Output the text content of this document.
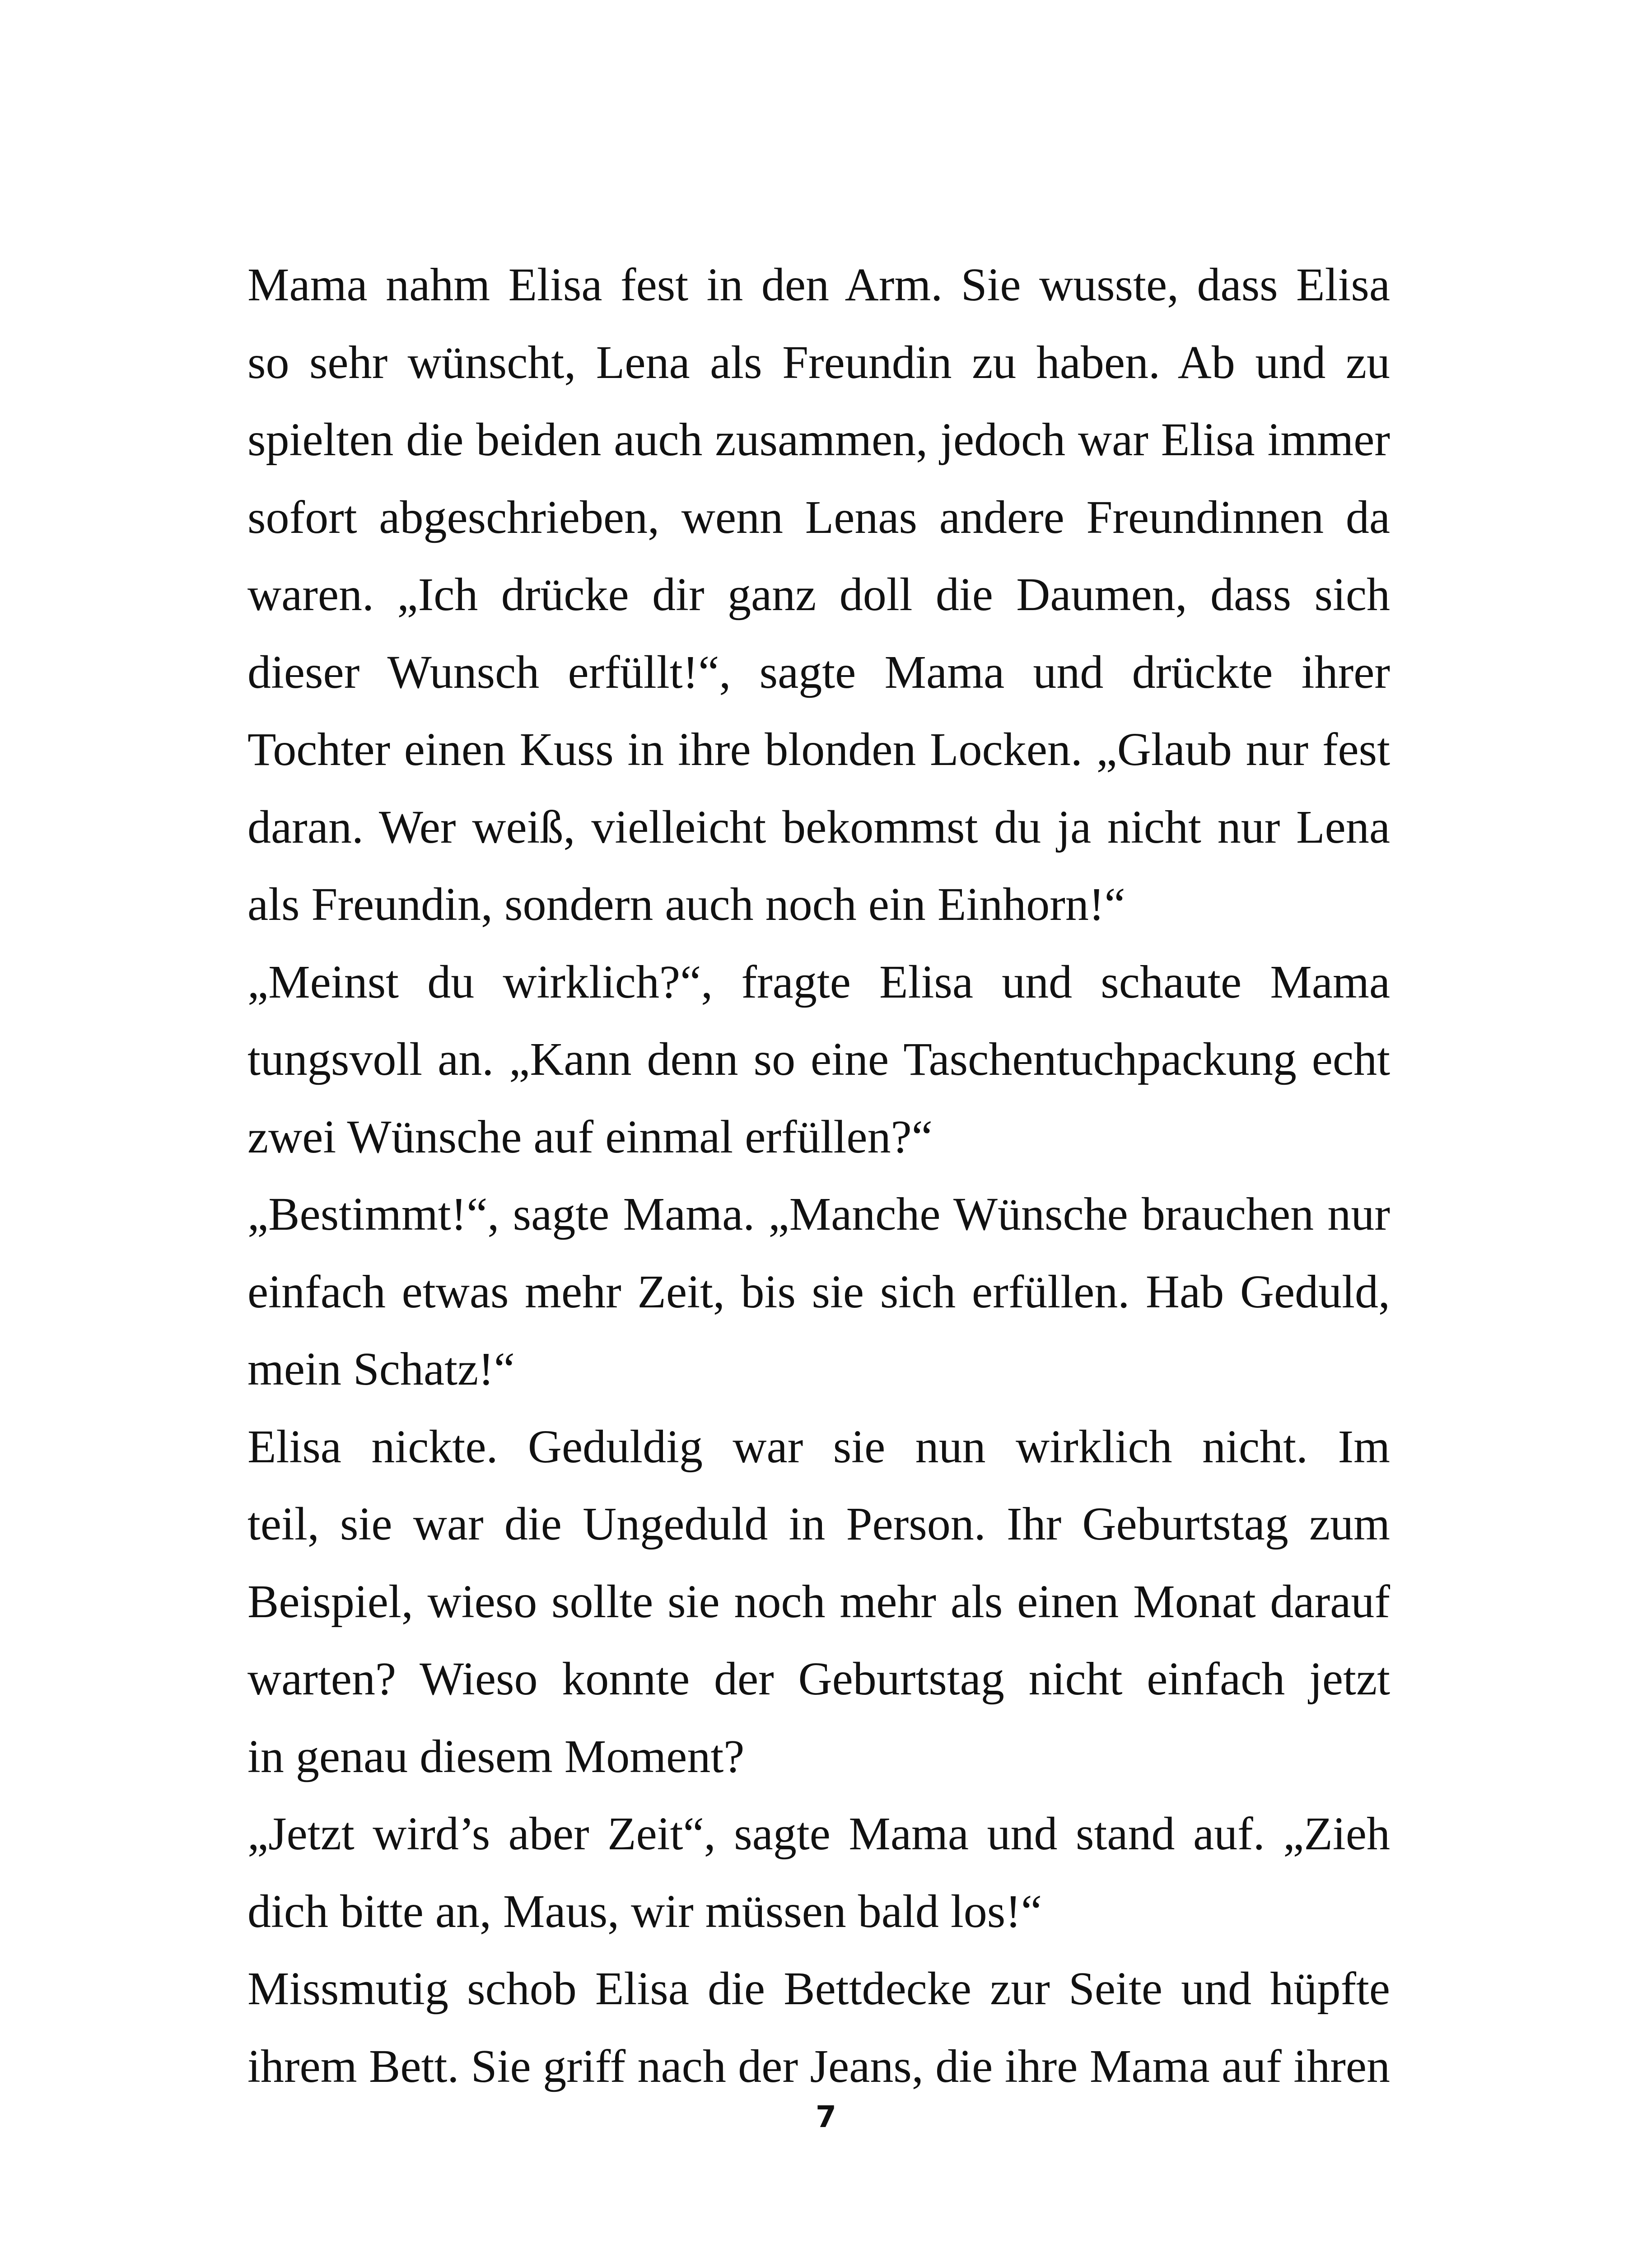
Mama nahm Elisa fest in den Arm. Sie wusste, dass Elisa
so sehr wünscht, Lena als Freundin zu haben. Ab und zu
spielten die beiden auch zusammen, jedoch war Elisa immer
sofort abgeschrieben, wenn Lenas andere Freundinnen da
waren. „Ich drücke dir ganz doll die Daumen, dass sich
dieser Wunsch erfüllt!“, sagte Mama und drückte ihrer
Tochter einen Kuss in ihre blonden Locken. „Glaub nur fest
daran. Wer weiß, vielleicht bekommst du ja nicht nur Lena
als Freundin, sondern auch noch ein Einhorn!“
„Meinst du wirklich?“, fragte Elisa und schaute Mama
tungsvoll an. „Kann denn so eine Taschentuchpackung echt
zwei Wünsche auf einmal erfüllen?“
„Bestimmt!“, sagte Mama. „Manche Wünsche brauchen nur
einfach etwas mehr Zeit, bis sie sich erfüllen. Hab Geduld,
mein Schatz!“
Elisa nickte. Geduldig war sie nun wirklich nicht. Im
teil, sie war die Ungeduld in Person. Ihr Geburtstag zum
Beispiel, wieso sollte sie noch mehr als einen Monat darauf
warten? Wieso konnte der Geburtstag nicht einfach jetzt
in genau diesem Moment?
„Jetzt wird’s aber Zeit“, sagte Mama und stand auf. „Zieh
dich bitte an, Maus, wir müssen bald los!“
Missmutig schob Elisa die Bettdecke zur Seite und hüpfte
ihrem Bett. Sie griff nach der Jeans, die ihre Mama auf ihren
7
